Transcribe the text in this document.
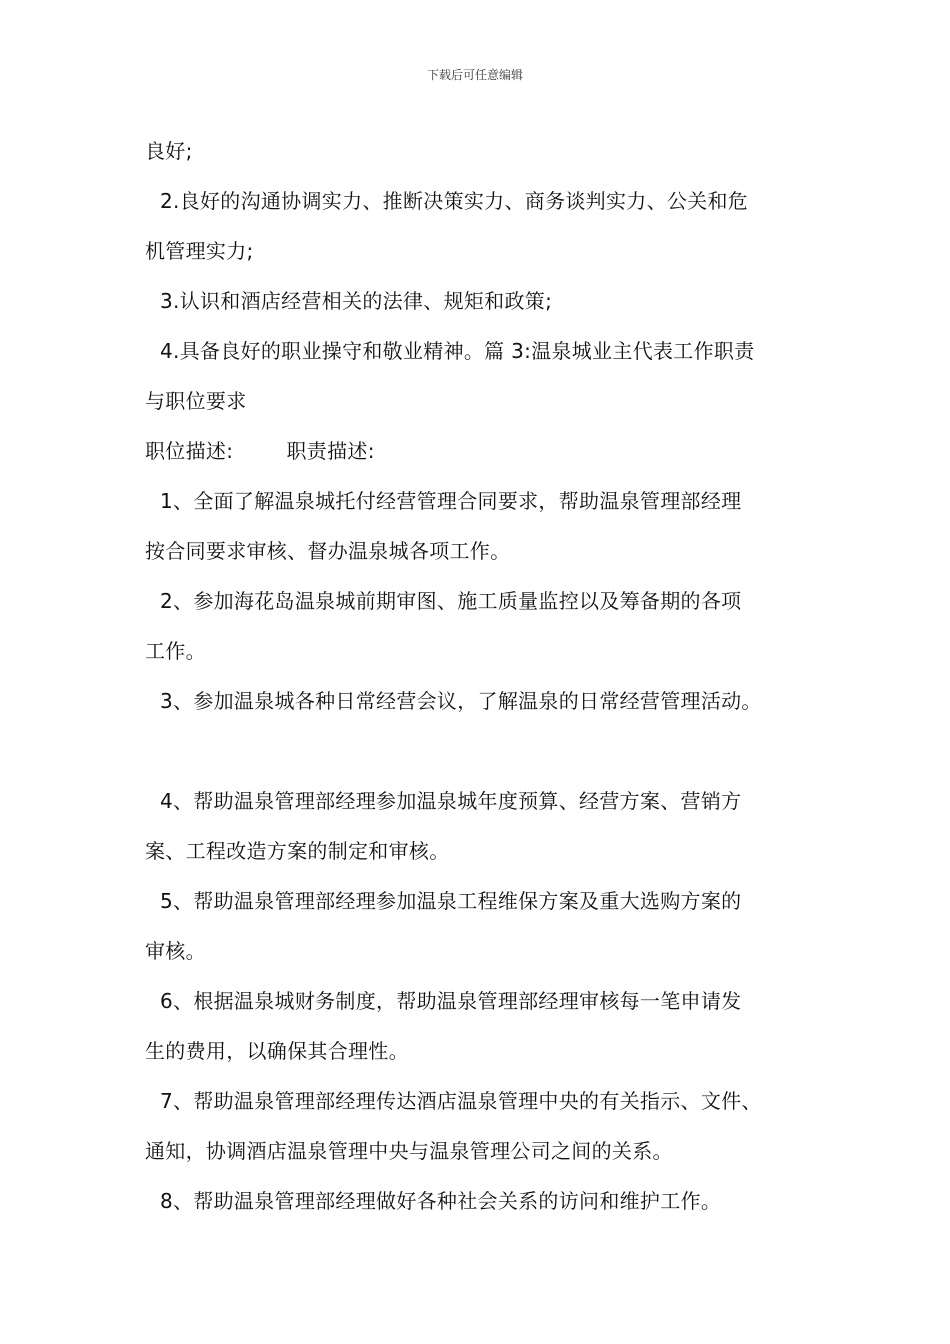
下载后可任意编辑
良好;
2.良好的沟通协调实力、推断决策实力、商务谈判实力、公关和危
机管理实力;
3.认识和酒店经营相关的法律、规矩和政策;
4.具备良好的职业操守和敬业精神。篇 3:温泉城业主代表工作职责
与职位要求
职位描述:        职责描述:
1、全面了解温泉城托付经营管理合同要求，帮助温泉管理部经理
按合同要求审核、督办温泉城各项工作。
2、参加海花岛温泉城前期审图、施工质量监控以及筹备期的各项
工作。
3、参加温泉城各种日常经营会议，了解温泉的日常经营管理活动。
4、帮助温泉管理部经理参加温泉城年度预算、经营方案、营销方
案、工程改造方案的制定和审核。
5、帮助温泉管理部经理参加温泉工程维保方案及重大选购方案的
审核。
6、根据温泉城财务制度，帮助温泉管理部经理审核每一笔申请发
生的费用，以确保其合理性。
7、帮助温泉管理部经理传达酒店温泉管理中央的有关指示、文件、
通知，协调酒店温泉管理中央与温泉管理公司之间的关系。
8、帮助温泉管理部经理做好各种社会关系的访问和维护工作。
